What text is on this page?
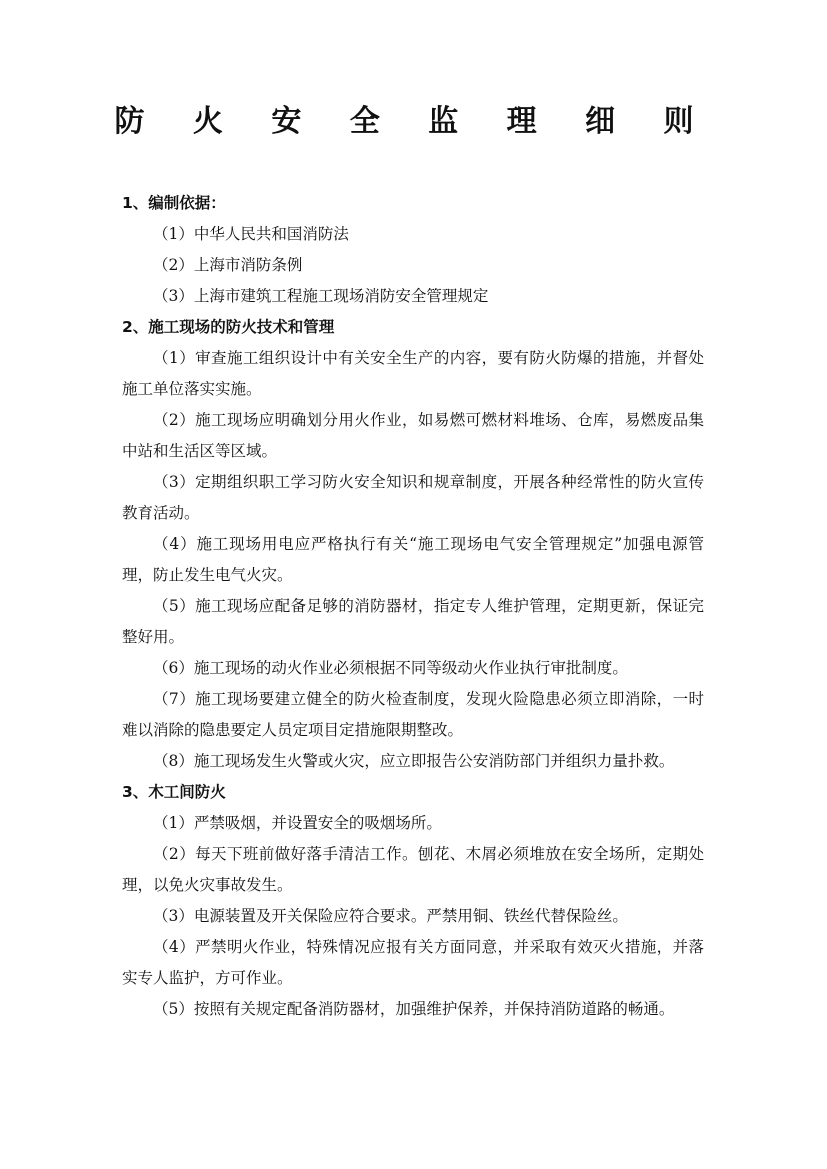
防 火 安 全 监 理 细 则

1、编制依据：

（1）中华人民共和国消防法

（2）上海市消防条例

（3）上海市建筑工程施工现场消防安全管理规定

2、施工现场的防火技术和管理

（1）审查施工组织设计中有关安全生产的内容，要有防火防爆的措施，并督处施工单位落实实施。

（2）施工现场应明确划分用火作业，如易燃可燃材料堆场、仓库，易燃废品集中站和生活区等区域。

（3）定期组织职工学习防火安全知识和规章制度，开展各种经常性的防火宣传教育活动。

（4）施工现场用电应严格执行有关“施工现场电气安全管理规定”加强电源管理，防止发生电气火灾。

（5）施工现场应配备足够的消防器材，指定专人维护管理，定期更新，保证完整好用。

（6）施工现场的动火作业必须根据不同等级动火作业执行审批制度。

（7）施工现场要建立健全的防火检查制度，发现火险隐患必须立即消除，一时难以消除的隐患要定人员定项目定措施限期整改。

（8）施工现场发生火警或火灾，应立即报告公安消防部门并组织力量扑救。

3、木工间防火

（1）严禁吸烟，并设置安全的吸烟场所。

（2）每天下班前做好落手清洁工作。刨花、木屑必须堆放在安全场所，定期处理，以免火灾事故发生。

（3）电源装置及开关保险应符合要求。严禁用铜、铁丝代替保险丝。

（4）严禁明火作业，特殊情况应报有关方面同意，并采取有效灭火措施，并落实专人监护，方可作业。

（5）按照有关规定配备消防器材，加强维护保养，并保持消防道路的畅通。
